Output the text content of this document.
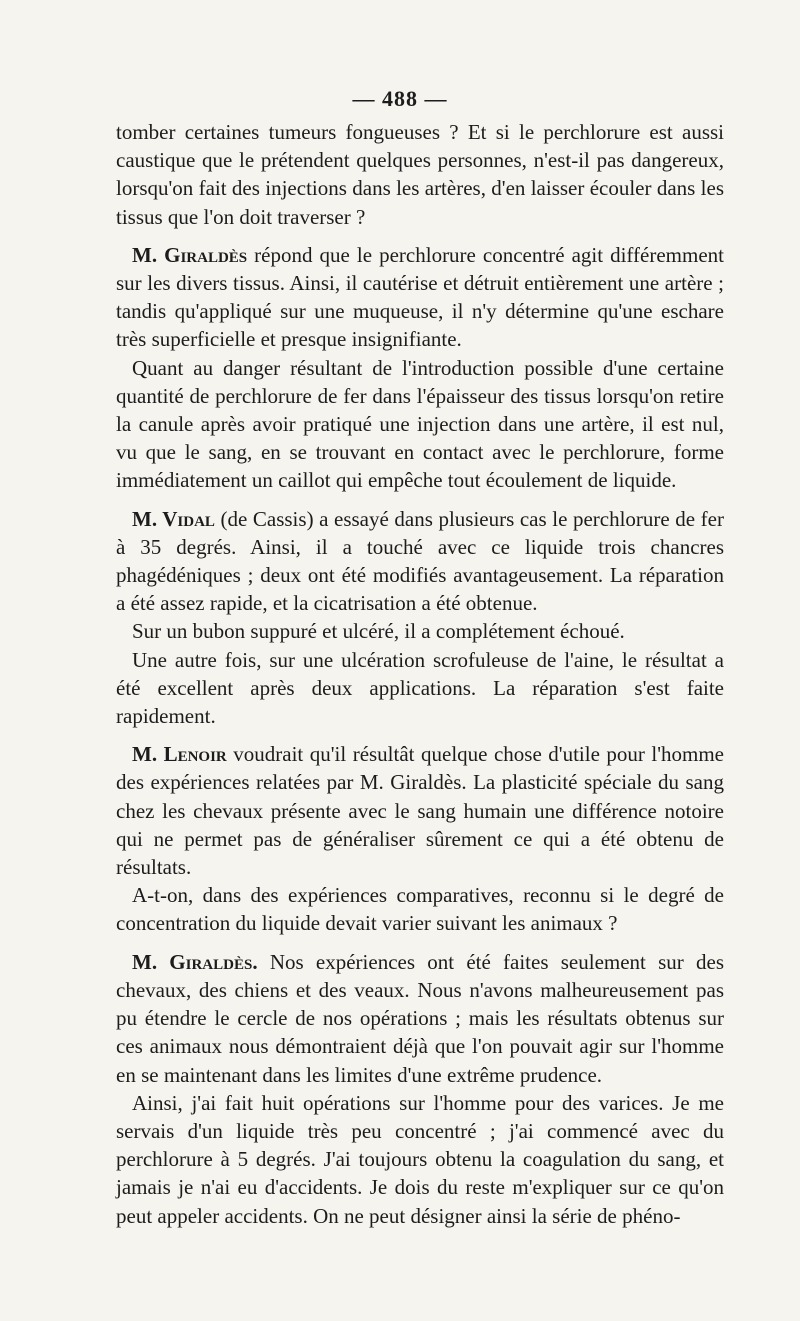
— 488 —

tomber certaines tumeurs fongueuses ? Et si le perchlorure est aussi caustique que le prétendent quelques personnes, n'est-il pas dangereux, lorsqu'on fait des injections dans les artères, d'en laisser écouler dans les tissus que l'on doit traverser ?

M. Giraldès répond que le perchlorure concentré agit différemment sur les divers tissus. Ainsi, il cautérise et détruit entièrement une artère ; tandis qu'appliqué sur une muqueuse, il n'y détermine qu'une eschare très superficielle et presque insignifiante.

Quant au danger résultant de l'introduction possible d'une certaine quantité de perchlorure de fer dans l'épaisseur des tissus lorsqu'on retire la canule après avoir pratiqué une injection dans une artère, il est nul, vu que le sang, en se trouvant en contact avec le perchlorure, forme immédiatement un caillot qui empêche tout écoulement de liquide.

M. Vidal (de Cassis) a essayé dans plusieurs cas le perchlorure de fer à 35 degrés. Ainsi, il a touché avec ce liquide trois chancres phagédéniques ; deux ont été modifiés avantageusement. La réparation a été assez rapide, et la cicatrisation a été obtenue.

Sur un bubon suppuré et ulcéré, il a complétement échoué.

Une autre fois, sur une ulcération scrofuleuse de l'aine, le résultat a été excellent après deux applications. La réparation s'est faite rapidement.

M. Lenoir voudrait qu'il résultât quelque chose d'utile pour l'homme des expériences relatées par M. Giraldès. La plasticité spéciale du sang chez les chevaux présente avec le sang humain une différence notoire qui ne permet pas de généraliser sûrement ce qui a été obtenu de résultats.

A-t-on, dans des expériences comparatives, reconnu si le degré de concentration du liquide devait varier suivant les animaux ?

M. Giraldès. Nos expériences ont été faites seulement sur des chevaux, des chiens et des veaux. Nous n'avons malheureusement pas pu étendre le cercle de nos opérations ; mais les résultats obtenus sur ces animaux nous démontraient déjà que l'on pouvait agir sur l'homme en se maintenant dans les limites d'une extrême prudence.

Ainsi, j'ai fait huit opérations sur l'homme pour des varices. Je me servais d'un liquide très peu concentré ; j'ai commencé avec du perchlorure à 5 degrés. J'ai toujours obtenu la coagulation du sang, et jamais je n'ai eu d'accidents. Je dois du reste m'expliquer sur ce qu'on peut appeler accidents. On ne peut désigner ainsi la série de phéno-
